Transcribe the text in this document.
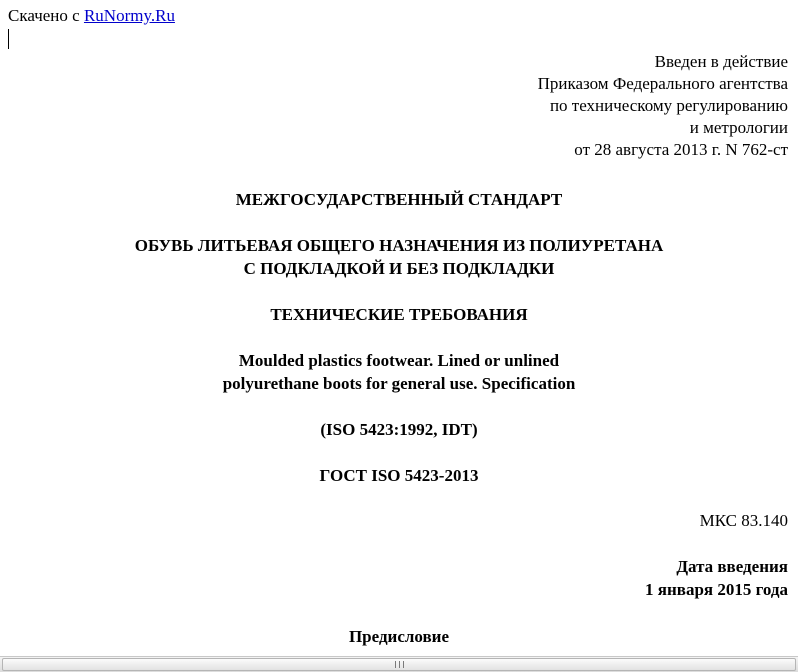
Скачено с RuNormy.Ru
Введен в действие
Приказом Федерального агентства
по техническому регулированию
и метрологии
от 28 августа 2013 г. N 762-ст
МЕЖГОСУДАРСТВЕННЫЙ СТАНДАРТ
ОБУВЬ ЛИТЬЕВАЯ ОБЩЕГО НАЗНАЧЕНИЯ ИЗ ПОЛИУРЕТАНА
С ПОДКЛАДКОЙ И БЕЗ ПОДКЛАДКИ
ТЕХНИЧЕСКИЕ ТРЕБОВАНИЯ
Moulded plastics footwear. Lined or unlined
polyurethane boots for general use. Specification
(ISO 5423:1992, IDT)
ГОСТ ISO 5423-2013
МКС 83.140
Дата введения
1 января 2015 года
Предисловие
